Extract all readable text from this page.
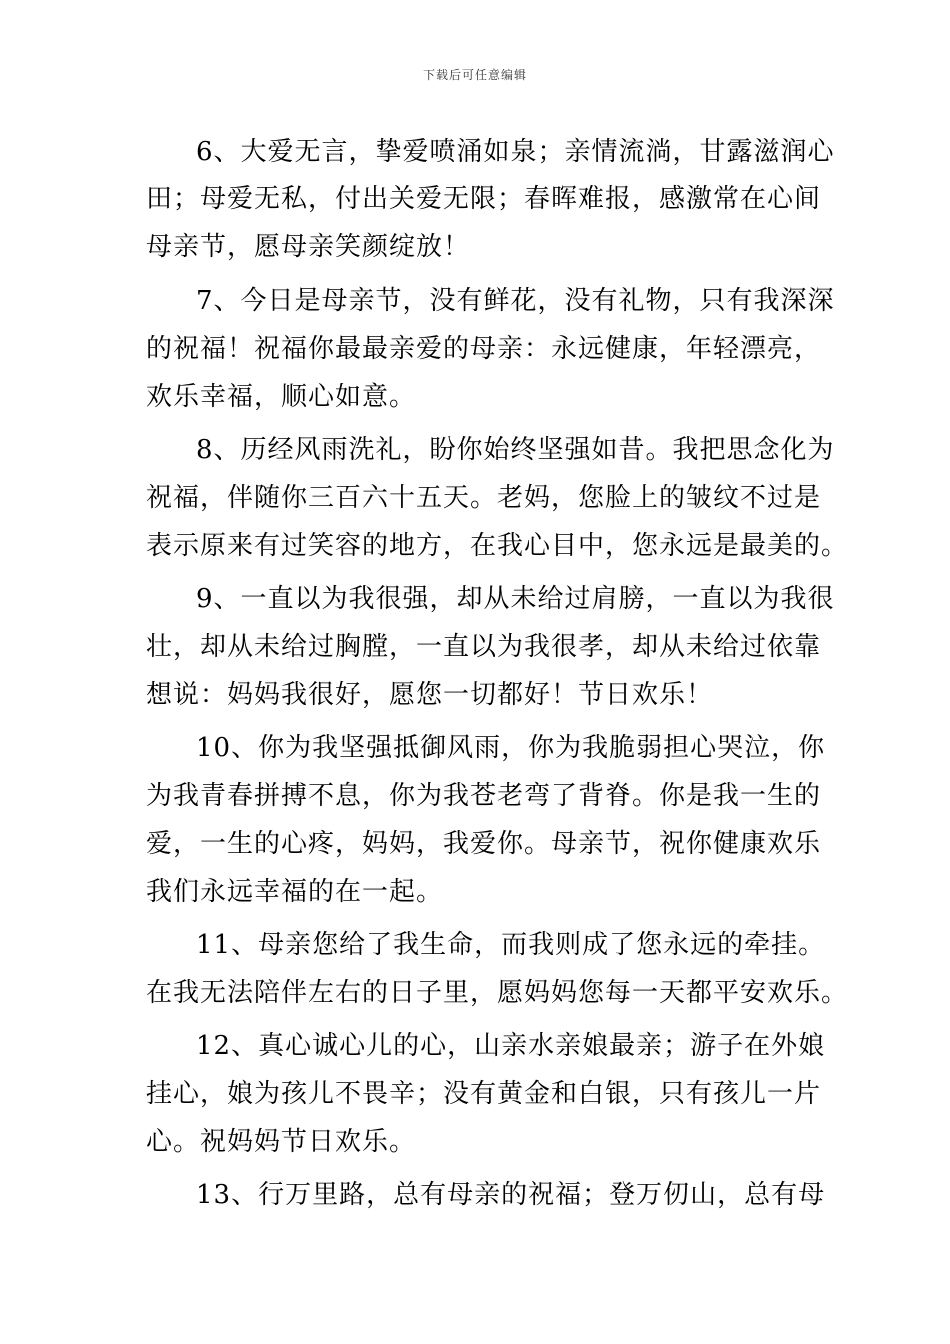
下载后可任意编辑
6、大爱无言，挚爱喷涌如泉；亲情流淌，甘露滋润心
田；母爱无私，付出关爱无限；春晖难报，感激常在心间
母亲节，愿母亲笑颜绽放！
7、今日是母亲节，没有鲜花，没有礼物，只有我深深
的祝福！祝福你最最亲爱的母亲：永远健康，年轻漂亮，
欢乐幸福，顺心如意。
8、历经风雨洗礼，盼你始终坚强如昔。我把思念化为
祝福，伴随你三百六十五天。老妈，您脸上的皱纹不过是
表示原来有过笑容的地方，在我心目中，您永远是最美的。
9、一直以为我很强，却从未给过肩膀，一直以为我很
壮，却从未给过胸膛，一直以为我很孝，却从未给过依靠
想说：妈妈我很好，愿您一切都好！节日欢乐！
10、你为我坚强抵御风雨，你为我脆弱担心哭泣，你
为我青春拼搏不息，你为我苍老弯了背脊。你是我一生的
爱，一生的心疼，妈妈，我爱你。母亲节，祝你健康欢乐
我们永远幸福的在一起。
11、母亲您给了我生命，而我则成了您永远的牵挂。
在我无法陪伴左右的日子里，愿妈妈您每一天都平安欢乐。
12、真心诚心儿的心，山亲水亲娘最亲；游子在外娘
挂心，娘为孩儿不畏辛；没有黄金和白银，只有孩儿一片
心。祝妈妈节日欢乐。
13、行万里路，总有母亲的祝福；登万仞山，总有母
